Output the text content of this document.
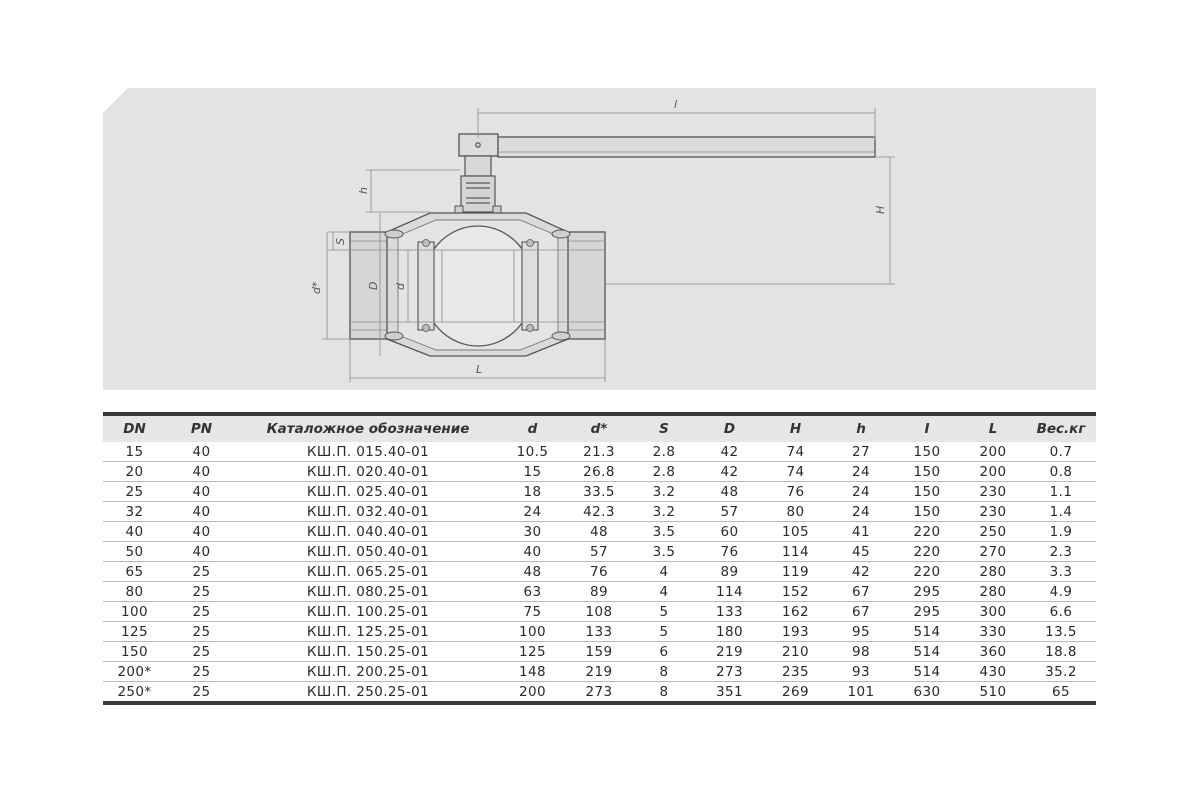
l
H
h
S
d*	D d
L
DN	PN	Каталожное обозначение	d	d*	S	D	H	h	I	L	Вес.кг
15	40	КШ.П. 015.40-01	10.5	21.3	2.8	42	74	27	150	200	0.7
20	40	КШ.П. 020.40-01	15	26.8	2.8	42	74	24	150	200	0.8
25	40	КШ.П. 025.40-01	18	33.5	3.2	48	76	24	150	230	1.1
32	40	КШ.П. 032.40-01	24	42.3	3.2	57	80	24	150	230	1.4
40	40	КШ.П. 040.40-01	30	48	3.5	60	105	41	220	250	1.9
50	40	КШ.П. 050.40-01	40	57	3.5	76	114	45	220	270	2.3
65	25	КШ.П. 065.25-01	48	76	4	89	119	42	220	280	3.3
80	25	КШ.П. 080.25-01	63	89	4	114	152	67	295	280	4.9
100	25	КШ.П. 100.25-01	75	108	5	133	162	67	295	300	6.6
125	25	КШ.П. 125.25-01	100	133	5	180	193	95	514	330	13.5
150	25	КШ.П. 150.25-01	125	159	6	219	210	98	514	360	18.8
200*	25	КШ.П. 200.25-01	148	219	8	273	235	93	514	430	35.2
250*	25	КШ.П. 250.25-01	200	273	8	351	269	101	630	510	65
